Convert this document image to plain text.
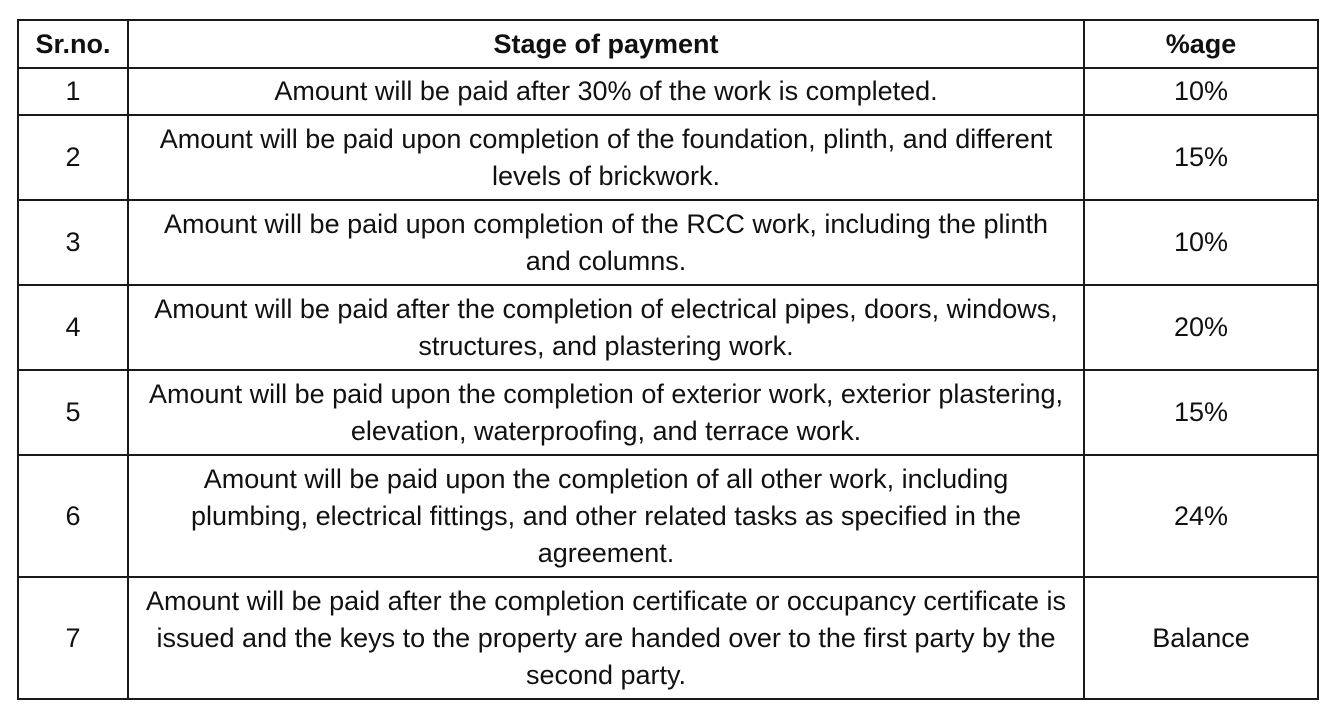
Sr.no.	Stage of payment	%age
1	Amount will be paid after 30% of the work is completed.	10%
2	Amount will be paid upon completion of the foundation, plinth, and different levels of brickwork.	15%
3	Amount will be paid upon completion of the RCC work, including the plinth and columns.	10%
4	Amount will be paid after the completion of electrical pipes, doors, windows, structures, and plastering work.	20%
5	Amount will be paid upon the completion of exterior work, exterior plastering, elevation, waterproofing, and terrace work.	15%
6	Amount will be paid upon the completion of all other work, including plumbing, electrical fittings, and other related tasks as specified in the agreement.	24%
7	Amount will be paid after the completion certificate or occupancy certificate is issued and the keys to the property are handed over to the first party by the second party.	Balance
